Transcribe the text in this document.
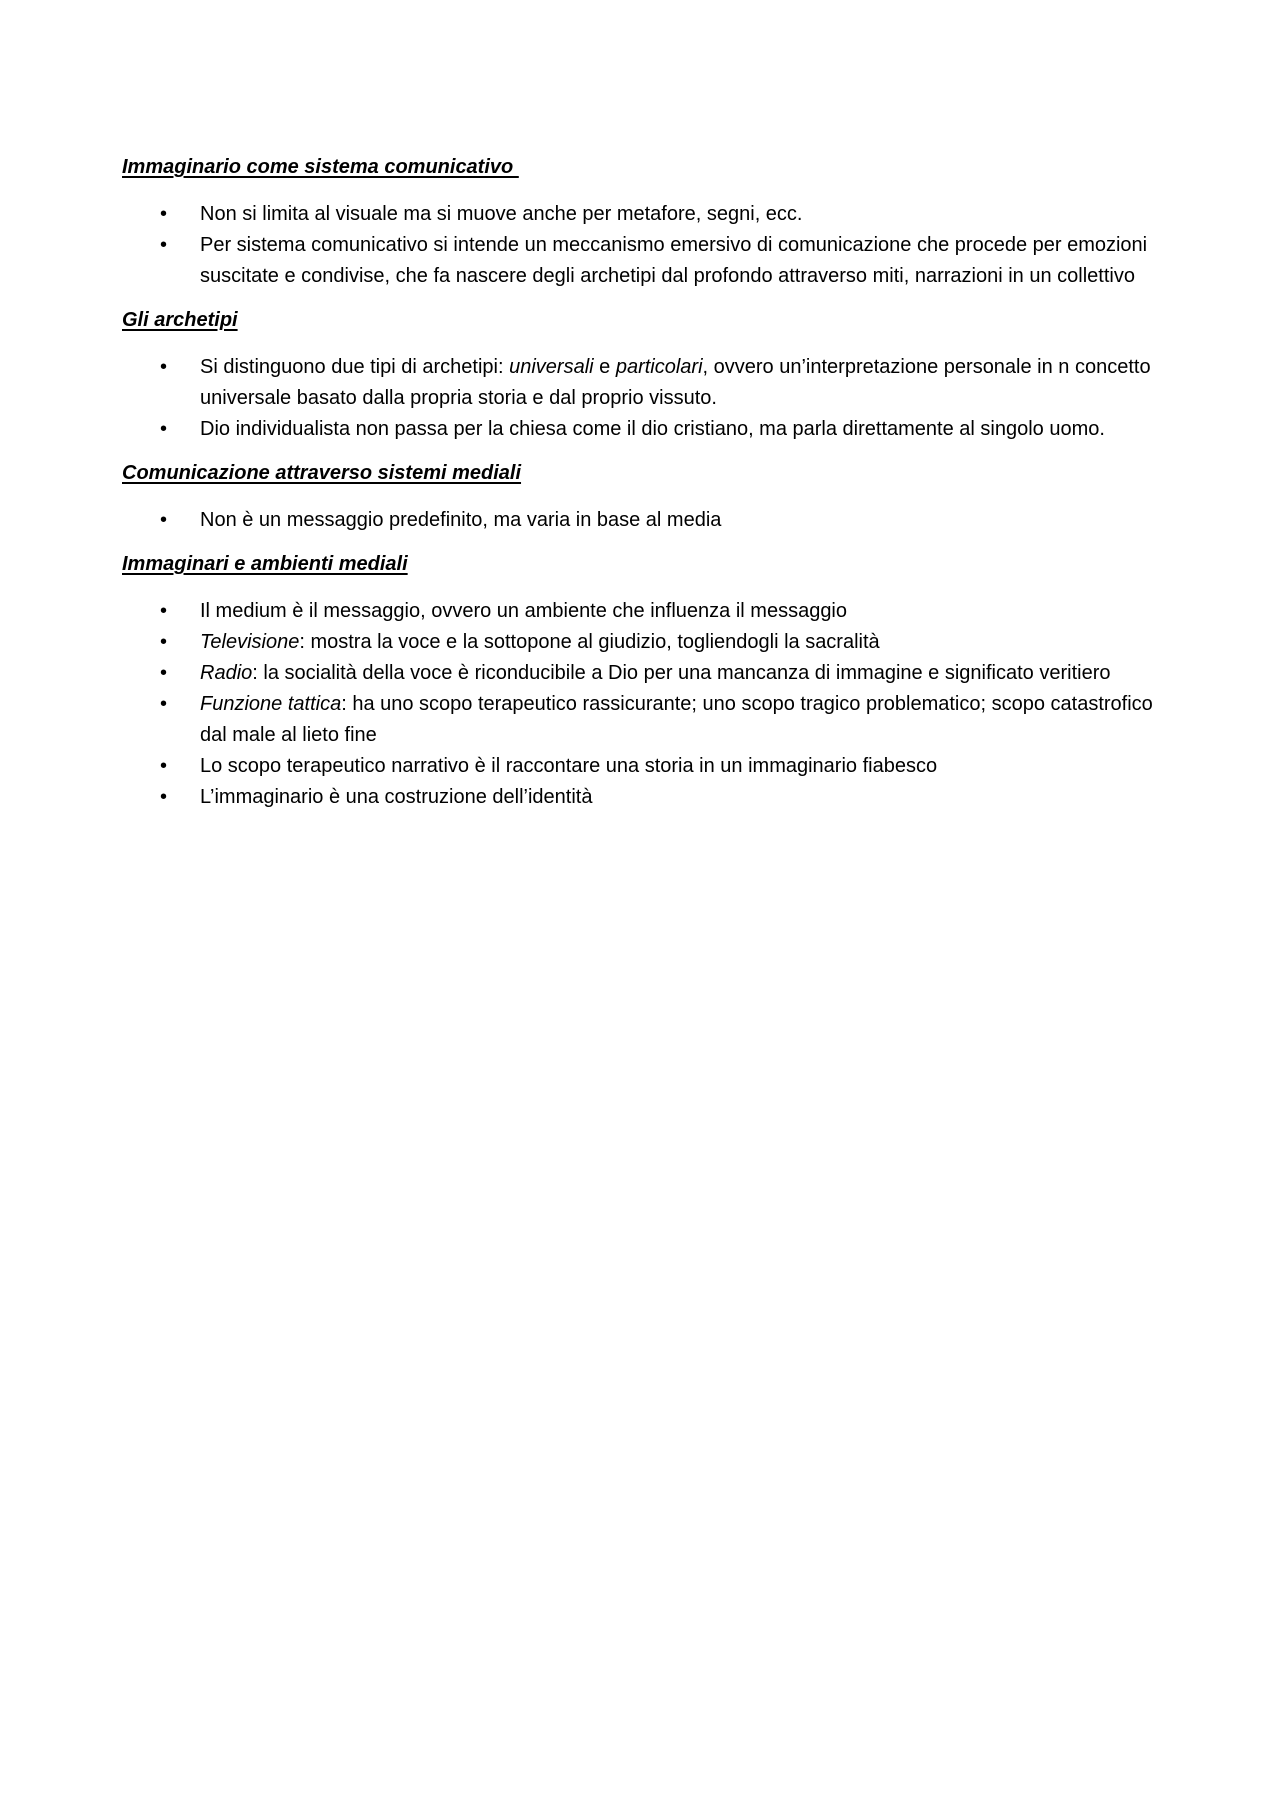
Immaginario come sistema comunicativo
• Non si limita al visuale ma si muove anche per metafore, segni, ecc.
• Per sistema comunicativo si intende un meccanismo emersivo di comunicazione che procede per emozioni suscitate e condivise, che fa nascere degli archetipi dal profondo attraverso miti, narrazioni in un collettivo
Gli archetipi
• Si distinguono due tipi di archetipi: universali e particolari, ovvero un’interpretazione personale in n concetto universale basato dalla propria storia e dal proprio vissuto.
• Dio individualista non passa per la chiesa come il dio cristiano, ma parla direttamente al singolo uomo.
Comunicazione attraverso sistemi mediali
• Non è un messaggio predefinito, ma varia in base al media
Immaginari e ambienti mediali
• Il medium è il messaggio, ovvero un ambiente che influenza il messaggio
• Televisione: mostra la voce e la sottopone al giudizio, togliendogli la sacralità
• Radio: la socialità della voce è riconducibile a Dio per una mancanza di immagine e significato veritiero
• Funzione tattica: ha uno scopo terapeutico rassicurante; uno scopo tragico problematico; scopo catastrofico dal male al lieto fine
• Lo scopo terapeutico narrativo è il raccontare una storia in un immaginario fiabesco
• L’immaginario è una costruzione dell’identità
